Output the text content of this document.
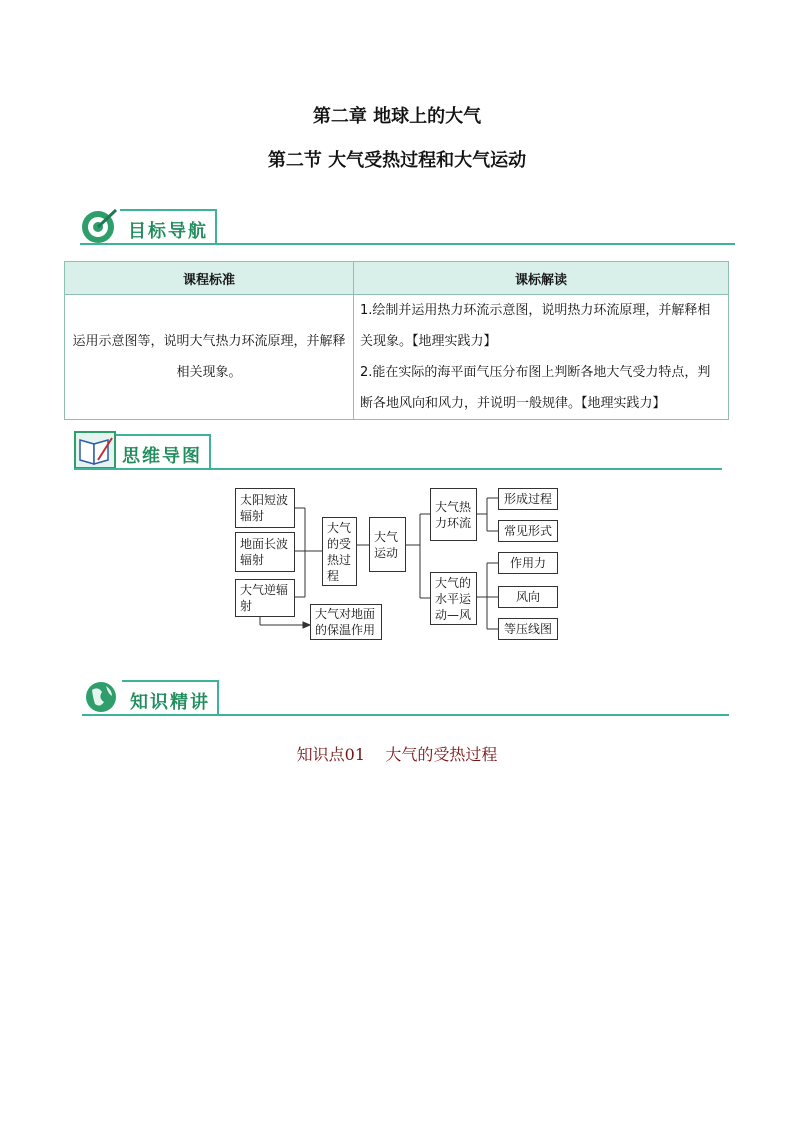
第二章 地球上的大气
第二节 大气受热过程和大气运动
目标导航
课程标准	课标解读
运用示意图等，说明大气热力环流原理，并解释相关现象。	1.绘制并运用热力环流示意图，说明热力环流原理，并解释相关现象。【地理实践力】
2.能在实际的海平面气压分布图上判断各地大气受力特点，判断各地风向和风力，并说明一般规律。【地理实践力】
思维导图
太阳短波辐射
地面长波辐射
大气逆辐射
大气的受热过程
大气对地面的保温作用
大气运动
大气热力环流
大气的水平运动—风
形成过程
常见形式
作用力
风向
等压线图
知识精讲
知识点01    大气的受热过程
